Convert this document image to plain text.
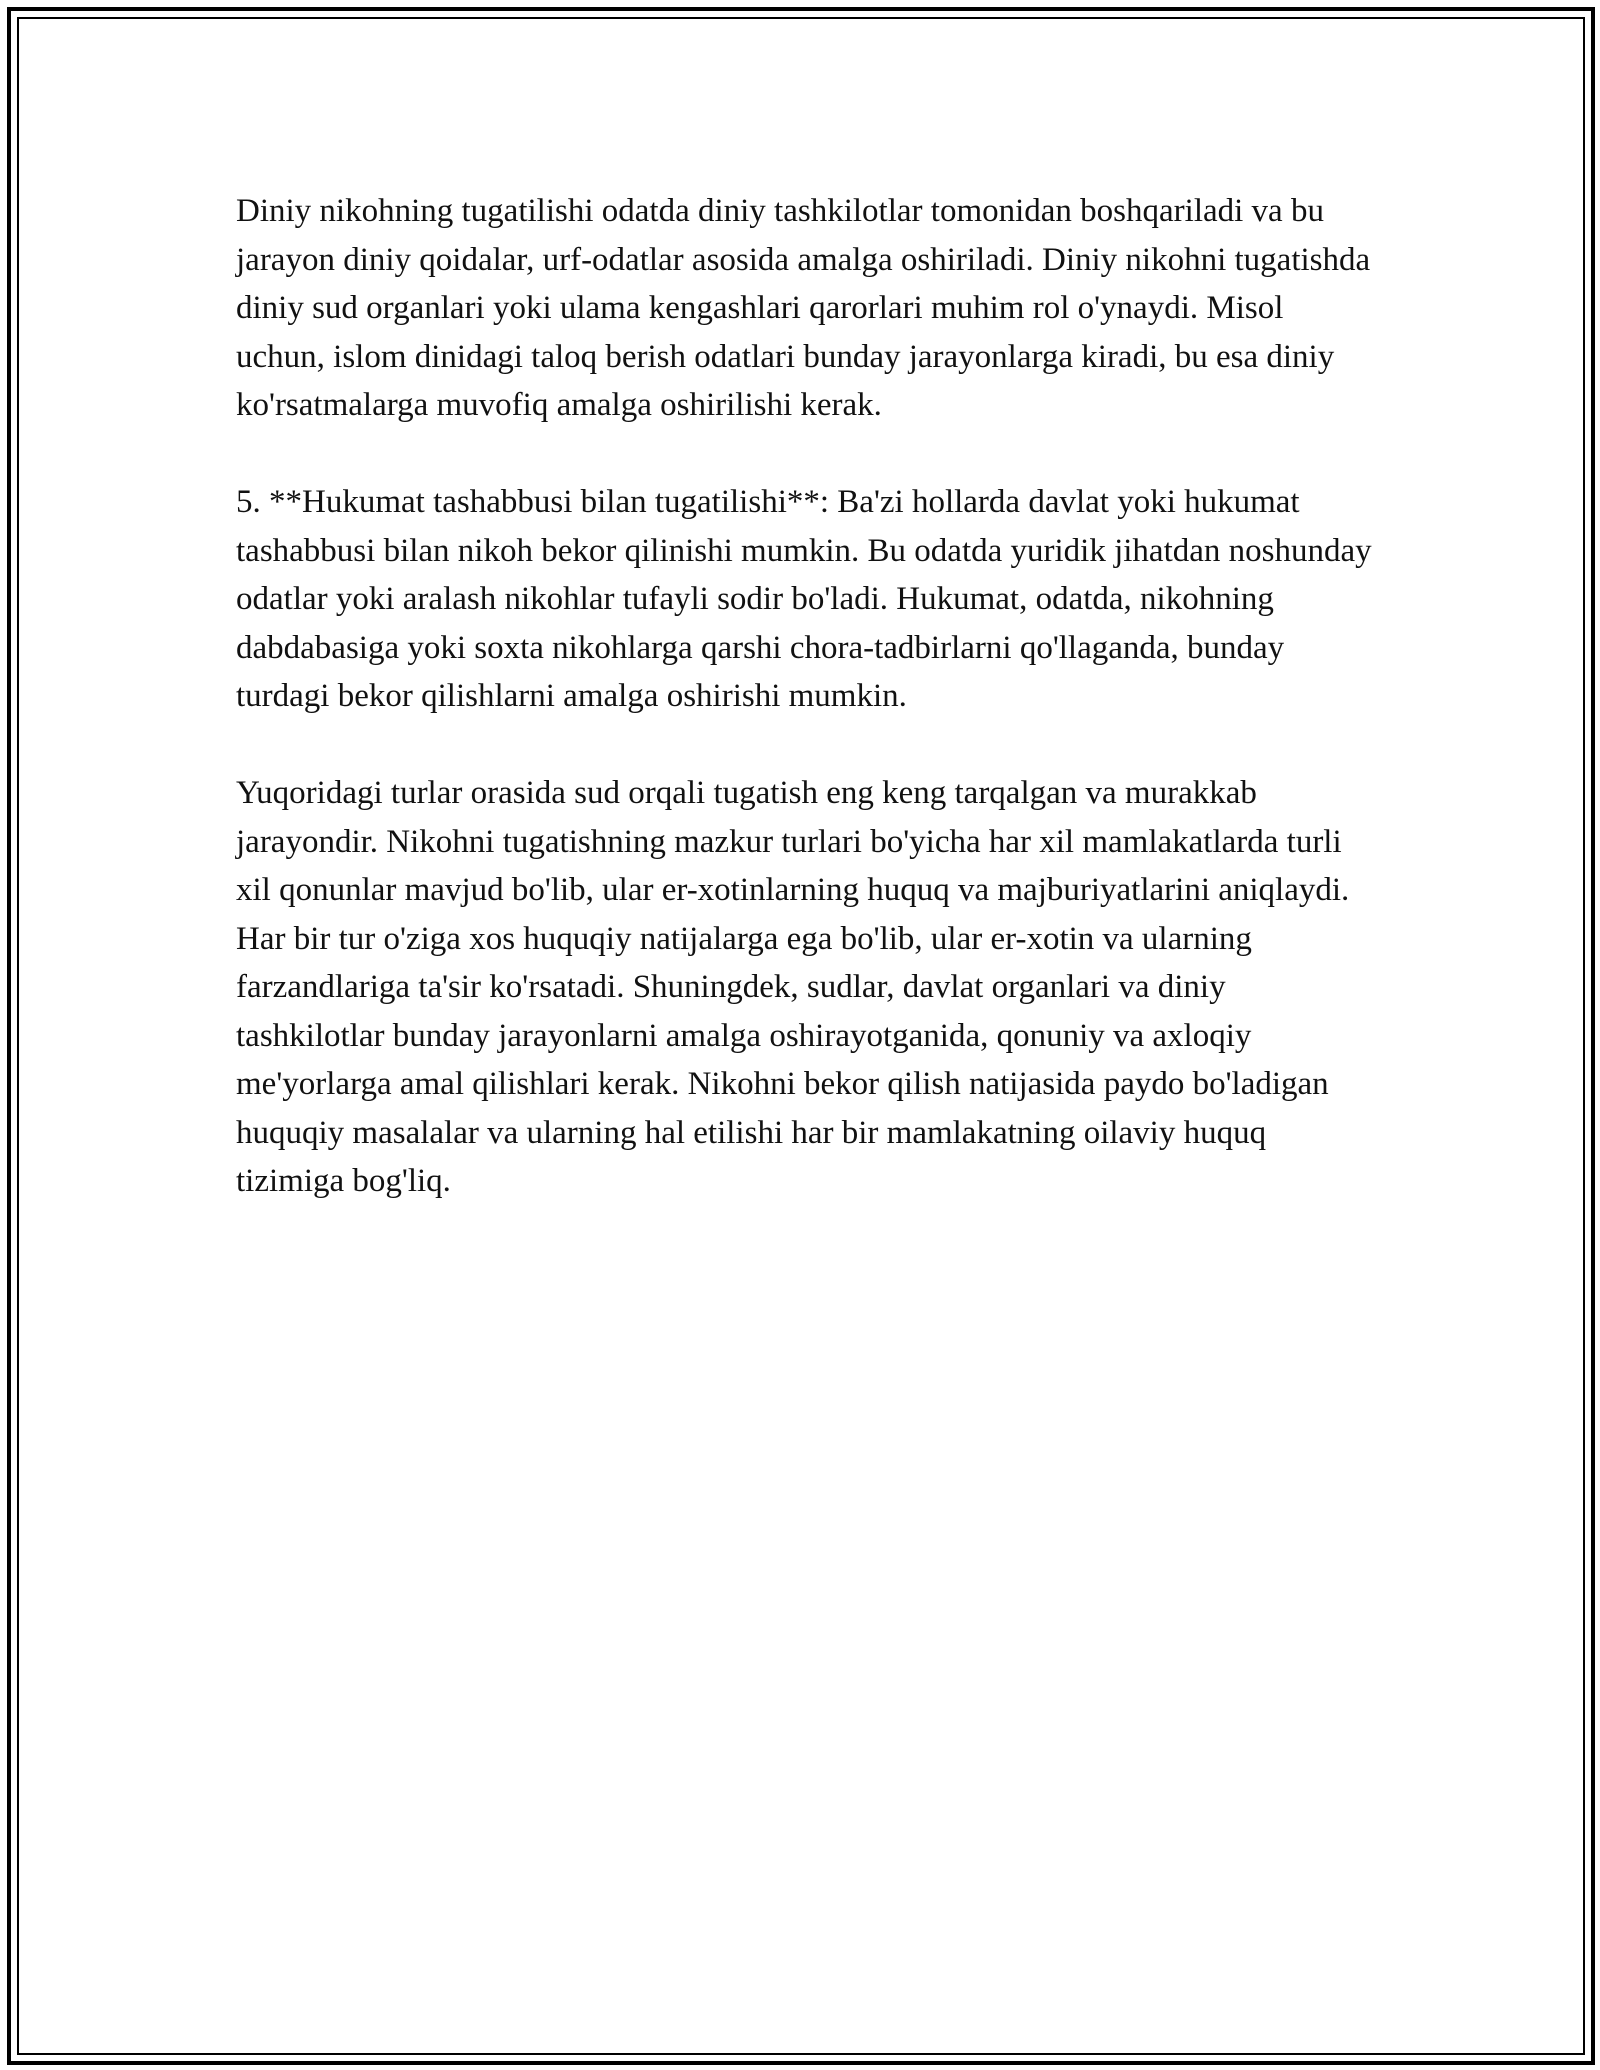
Diniy nikohning tugatilishi odatda diniy tashkilotlar tomonidan boshqariladi va bu jarayon diniy qoidalar, urf-odatlar asosida amalga oshiriladi. Diniy nikohni tugatishda diniy sud organlari yoki ulama kengashlari qarorlari muhim rol o'ynaydi. Misol uchun, islom dinidagi taloq berish odatlari bunday jarayonlarga kiradi, bu esa diniy ko'rsatmalarga muvofiq amalga oshirilishi kerak.

5. **Hukumat tashabbusi bilan tugatilishi**: Ba'zi hollarda davlat yoki hukumat tashabbusi bilan nikoh bekor qilinishi mumkin. Bu odatda yuridik jihatdan noshunday odatlar yoki aralash nikohlar tufayli sodir bo'ladi. Hukumat, odatda, nikohning dabdabasiga yoki soxta nikohlarga qarshi chora-tadbirlarni qo'llaganda, bunday turdagi bekor qilishlarni amalga oshirishi mumkin.

Yuqoridagi turlar orasida sud orqali tugatish eng keng tarqalgan va murakkab jarayondir. Nikohni tugatishning mazkur turlari bo'yicha har xil mamlakatlarda turli xil qonunlar mavjud bo'lib, ular er-xotinlarning huquq va majburiyatlarini aniqlaydi. Har bir tur o'ziga xos huquqiy natijalarga ega bo'lib, ular er-xotin va ularning farzandlariga ta'sir ko'rsatadi. Shuningdek, sudlar, davlat organlari va diniy tashkilotlar bunday jarayonlarni amalga oshirayotganida, qonuniy va axloqiy me'yorlarga amal qilishlari kerak. Nikohni bekor qilish natijasida paydo bo'ladigan huquqiy masalalar va ularning hal etilishi har bir mamlakatning oilaviy huquq tizimiga bog'liq.
